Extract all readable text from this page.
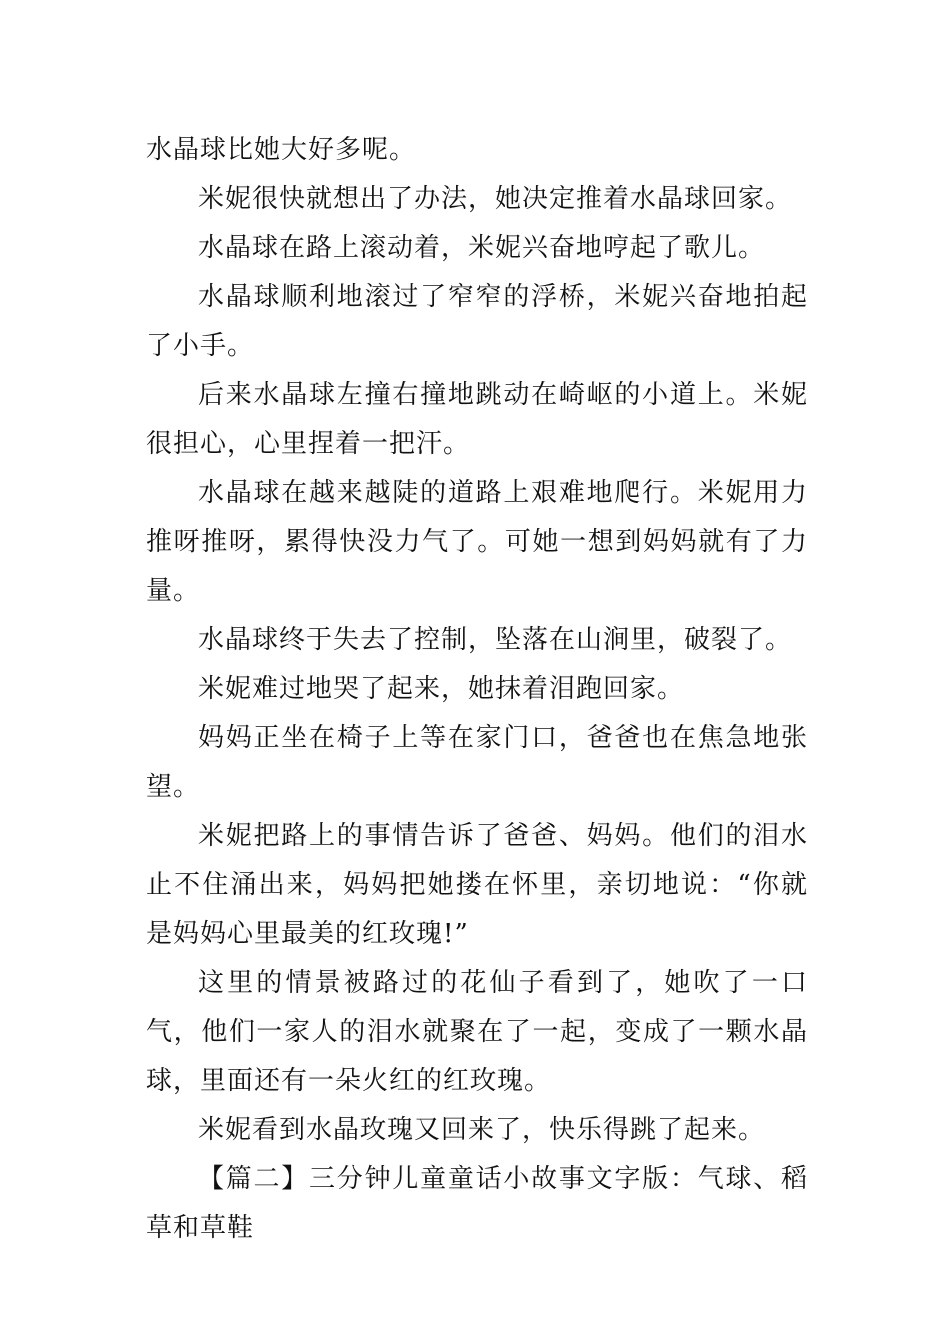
水晶球比她大好多呢。

米妮很快就想出了办法，她决定推着水晶球回家。

水晶球在路上滚动着，米妮兴奋地哼起了歌儿。

水晶球顺利地滚过了窄窄的浮桥，米妮兴奋地拍起了小手。

后来水晶球左撞右撞地跳动在崎岖的小道上。米妮很担心，心里捏着一把汗。

水晶球在越来越陡的道路上艰难地爬行。米妮用力推呀推呀，累得快没力气了。可她一想到妈妈就有了力量。

水晶球终于失去了控制，坠落在山涧里，破裂了。

米妮难过地哭了起来，她抹着泪跑回家。

妈妈正坐在椅子上等在家门口，爸爸也在焦急地张望。

米妮把路上的事情告诉了爸爸、妈妈。他们的泪水止不住涌出来，妈妈把她搂在怀里，亲切地说：“你就是妈妈心里最美的红玫瑰!”

这里的情景被路过的花仙子看到了，她吹了一口气，他们一家人的泪水就聚在了一起，变成了一颗水晶球，里面还有一朵火红的红玫瑰。

米妮看到水晶玫瑰又回来了，快乐得跳了起来。

【篇二】三分钟儿童童话小故事文字版：气球、稻草和草鞋
